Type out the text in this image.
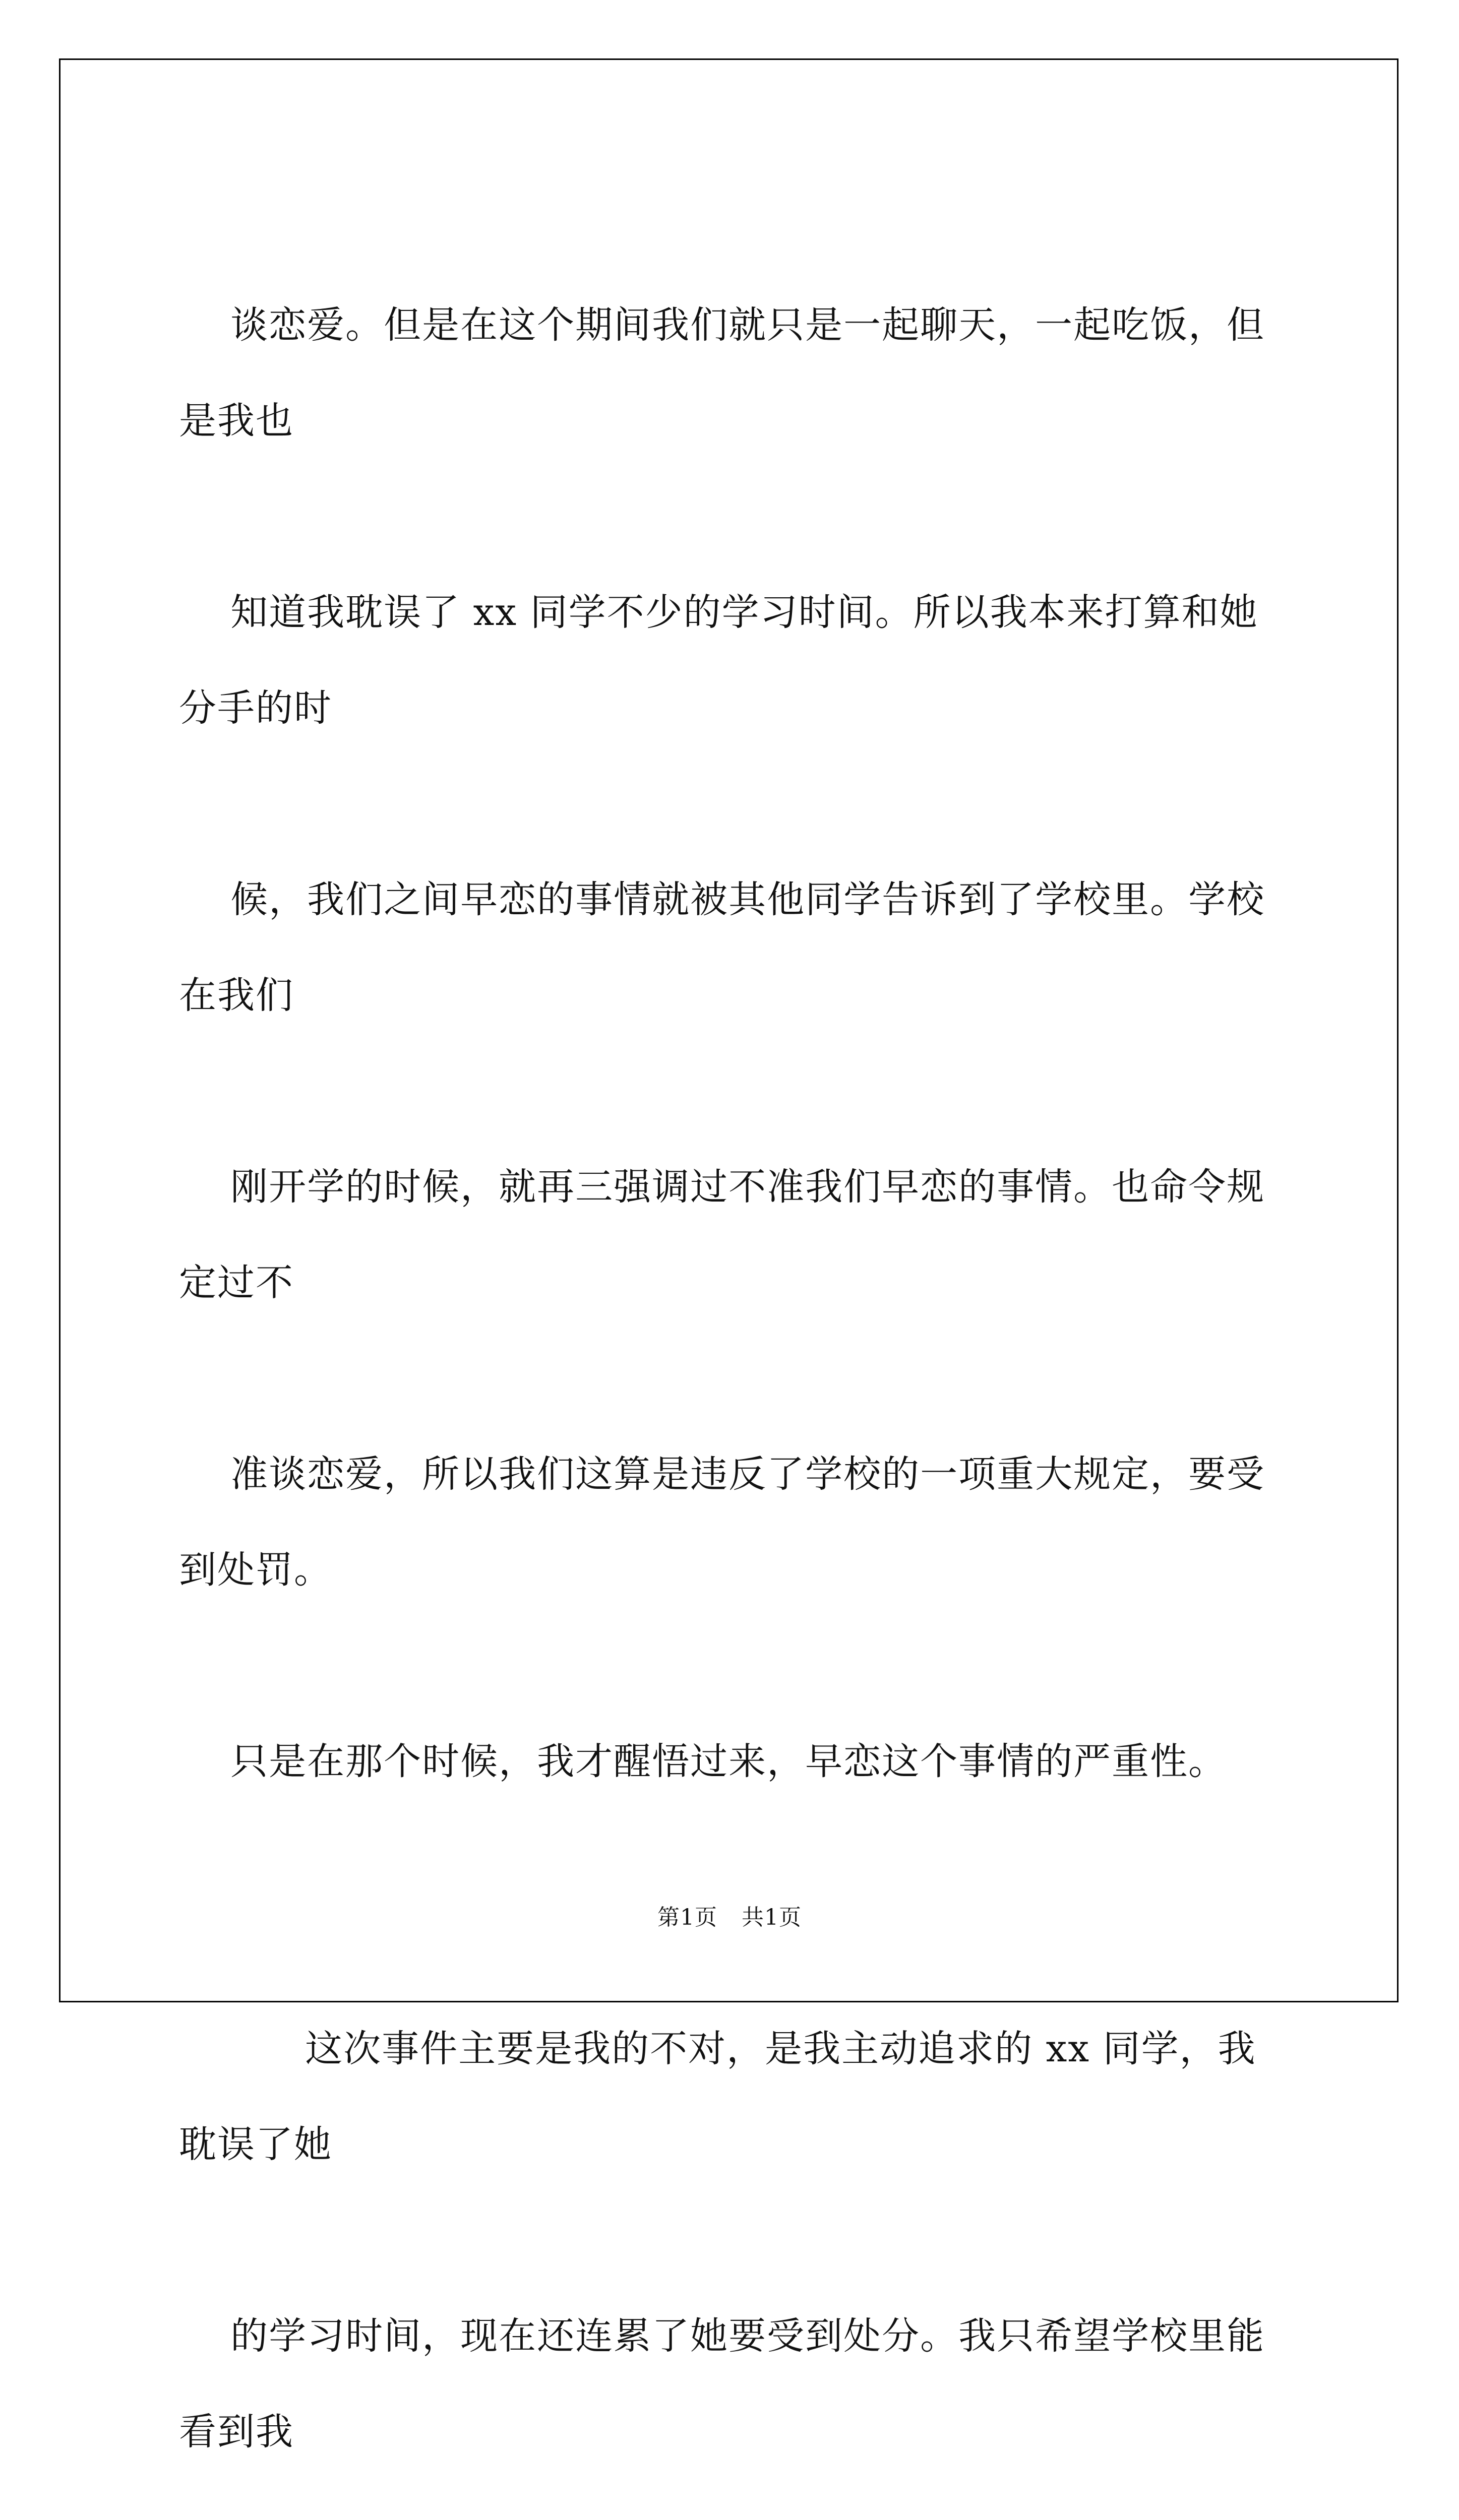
谈恋爱。但是在这个期间我们就只是一起聊天，一起吃饭，但是我也

知道我耽误了 xx 同学不少的学习时间。所以我本来打算和她分手的时

候，我们之间早恋的事情就被其他同学告诉到了学校里。学校在我们

刚开学的时候，就再三强调过不准我们早恋的事情。也命令规定过不

准谈恋爱，所以我们这算是违反了学校的一项重大规定，要受到处罚。

只是在那个时候，我才醒悟过来，早恋这个事情的严重性。

这次事件主要是我的不对，是我主动追求的 xx 同学，我耽误了她

的学习时间，现在还连累了她要受到处分。我只希望学校里能看到我

第1页 共1页
